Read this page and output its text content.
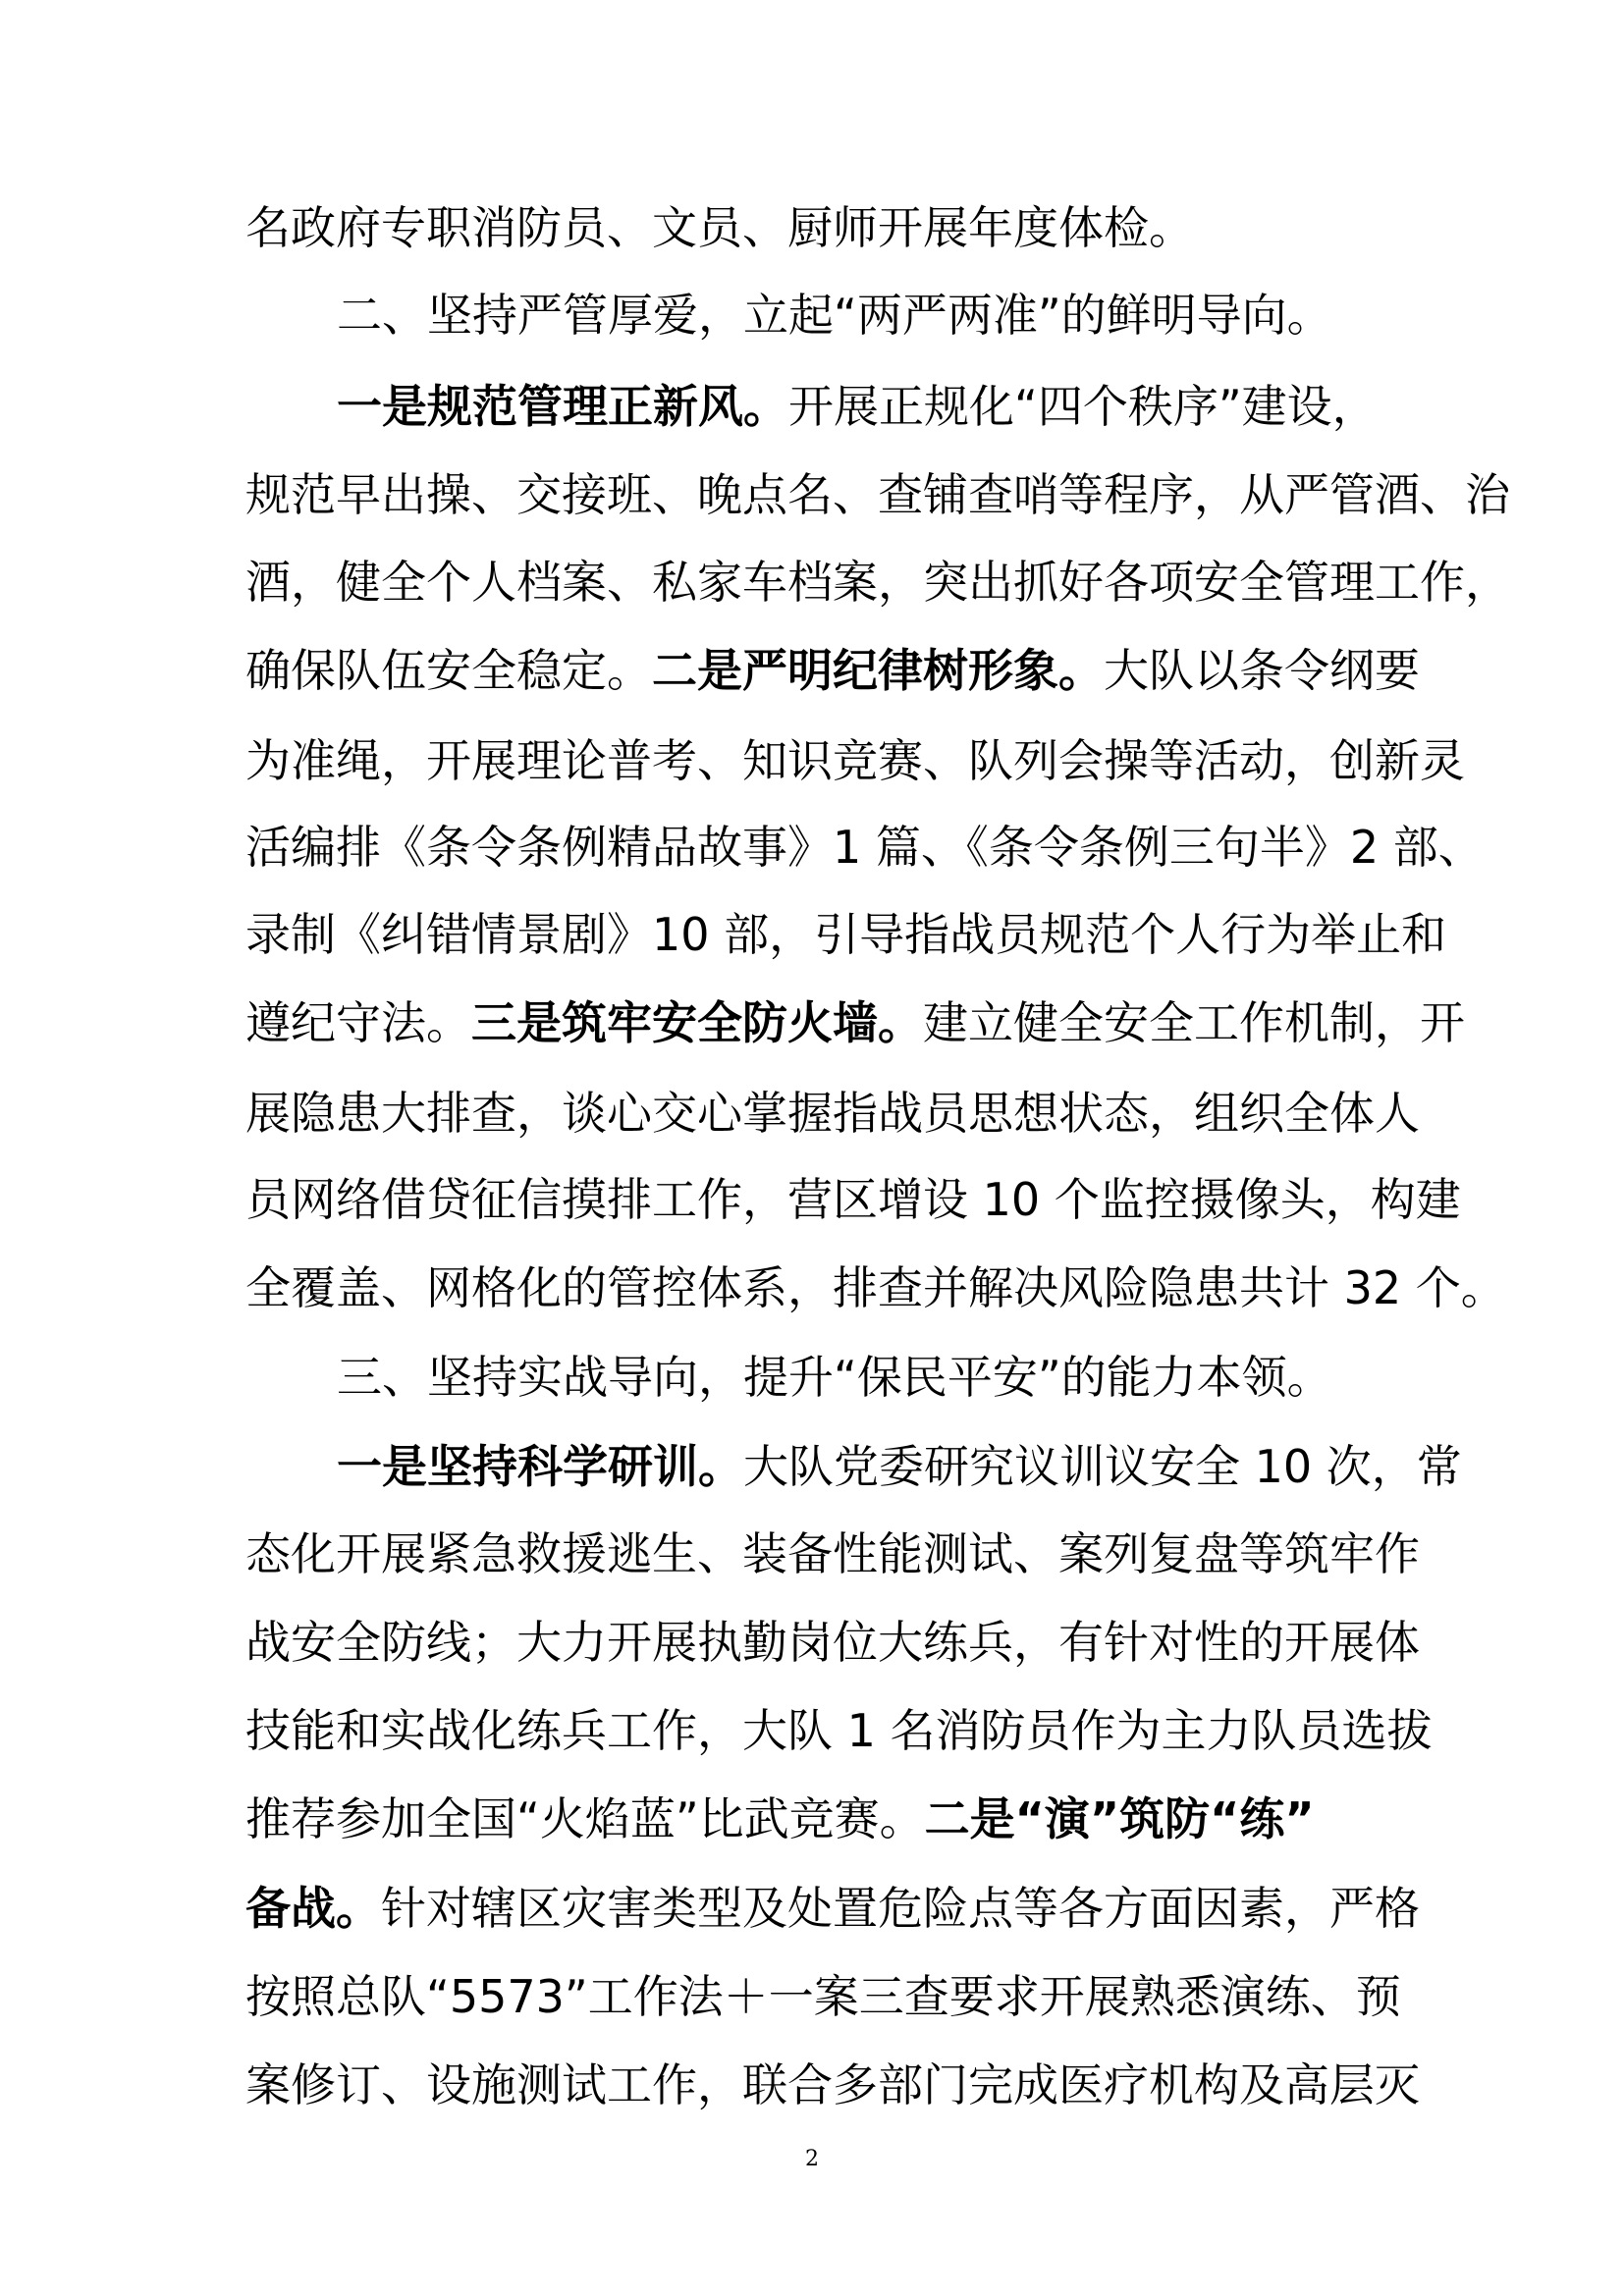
名政府专职消防员、文员、厨师开展年度体检。
二、坚持严管厚爱，立起“两严两准”的鲜明导向。
一是规范管理正新风。开展正规化“四个秩序”建设，
规范早出操、交接班、晚点名、查铺查哨等程序，从严管酒、治
酒，健全个人档案、私家车档案，突出抓好各项安全管理工作，
确保队伍安全稳定。二是严明纪律树形象。大队以条令纲要
为准绳，开展理论普考、知识竞赛、队列会操等活动，创新灵
活编排《条令条例精品故事》1 篇、《条令条例三句半》2 部、
录制《纠错情景剧》10 部，引导指战员规范个人行为举止和
遵纪守法。三是筑牢安全防火墙。建立健全安全工作机制，开
展隐患大排查，谈心交心掌握指战员思想状态，组织全体人
员网络借贷征信摸排工作，营区增设 10 个监控摄像头，构建
全覆盖、网格化的管控体系，排查并解决风险隐患共计 32 个。
三、坚持实战导向，提升“保民平安”的能力本领。
一是坚持科学研训。大队党委研究议训议安全 10 次，常
态化开展紧急救援逃生、装备性能测试、案列复盘等筑牢作
战安全防线；大力开展执勤岗位大练兵，有针对性的开展体
技能和实战化练兵工作，大队 1 名消防员作为主力队员选拔
推荐参加全国“火焰蓝”比武竞赛。二是“演”筑防“练”
备战。针对辖区灾害类型及处置危险点等各方面因素，严格
按照总队“5573”工作法＋一案三查要求开展熟悉演练、预
案修订、设施测试工作，联合多部门完成医疗机构及高层灭
2
